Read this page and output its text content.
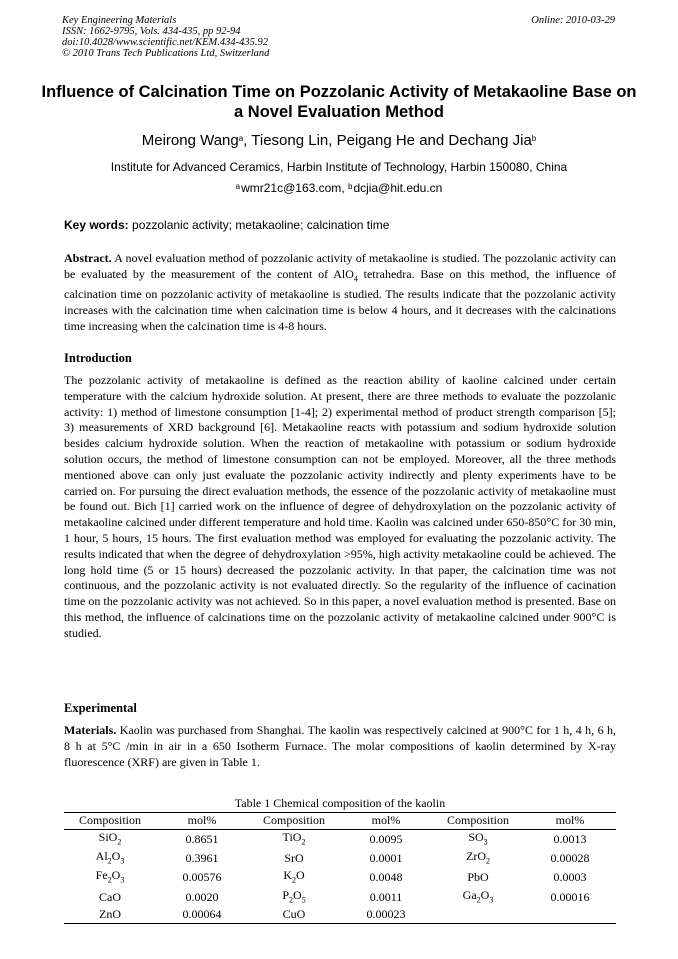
Key Engineering Materials
ISSN: 1662-9795, Vols. 434-435, pp 92-94
doi:10.4028/www.scientific.net/KEM.434-435.92
© 2010 Trans Tech Publications Ltd, Switzerland
Online: 2010-03-29
Influence of Calcination Time on Pozzolanic Activity of Metakaoline Base on a Novel Evaluation Method
Meirong Wang$^a$, Tiesong Lin, Peigang He and Dechang Jia$^b$
Institute for Advanced Ceramics, Harbin Institute of Technology, Harbin 150080, China
$^a$ wmr21c@163.com, $^b$ dcjia@hit.edu.cn
Key words: pozzolanic activity; metakaoline; calcination time

Abstract. A novel evaluation method of pozzolanic activity of metakaoline is studied. The pozzolanic activity can be evaluated by the measurement of the content of AlO$_4$ tetrahedra. Base on this method, the influence of calcination time on pozzolanic activity of metakaoline is studied. The results indicate that the pozzolanic activity increases with the calcination time when calcination time is below 4 hours, and it decreases with the calcinations time increasing when the calcination time is 4-8 hours.

Introduction

The pozzolanic activity of metakaoline is defined as the reaction ability of kaoline calcined under certain temperature with the calcium hydroxide solution. At present, there are three methods to evaluate the pozzolanic activity: 1) method of limestone consumption [1-4]; 2) experimental method of product strength comparison [5]; 3) measurements of XRD background [6]. Metakaoline reacts with potassium and sodium hydroxide solution besides calcium hydroxide solution. When the reaction of metakaoline with potassium or sodium hydroxide solution occurs, the method of limestone consumption can not be employed. Moreover, all the three methods mentioned above can only just evaluate the pozzolanic activity indirectly and plenty experiments have to be carried on. For pursuing the direct evaluation methods, the essence of the pozzolanic activity of metakaoline must be found out. Bich [1] carried work on the influence of degree of dehydroxylation on the pozzolanic activity of metakaoline calcined under different temperature and hold time. Kaolin was calcined under 650-850°C for 30 min, 1 hour, 5 hours, 15 hours. The first evaluation method was employed for evaluating the pozzolanic activity. The results indicated that when the degree of dehydroxylation >95%, high activity metakaoline could be achieved. The long hold time (5 or 15 hours) decreased the pozzolanic activity. In that paper, the calcination time was not continuous, and the pozzolanic activity is not evaluated directly. So the regularity of the influence of cacination time on the pozzolanic activity was not achieved. So in this paper, a novel evaluation method is presented. Base on this method, the influence of calcinations time on the pozzolanic activity of metakaoline calcined under 900°C is studied.

Experimental

Materials. Kaolin was purchased from Shanghai. The kaolin was respectively calcined at 900°C for 1 h, 4 h, 6 h, 8 h at 5°C /min in air in a 650 Isotherm Furnace. The molar compositions of kaolin determined by X-ray fluorescence (XRF) are given in Table 1.

Table 1 Chemical composition of the kaolin
Composition	mol%	Composition	mol%	Composition	mol%
SiO$_2$	0.8651	TiO$_2$	0.0095	$SO_3$	0.0013
$Al_2O_3$	0.3961	SrO	0.0001	ZrO$_2$	0.00028
$Fe_2O_3$	0.00576	$K_2O$	0.0048	PbO	0.0003
CaO	0.0020	$P_2O_5$	0.0011	$Ga_2O_3$	0.00016
ZnO	0.00064	CuO	0.00023		
